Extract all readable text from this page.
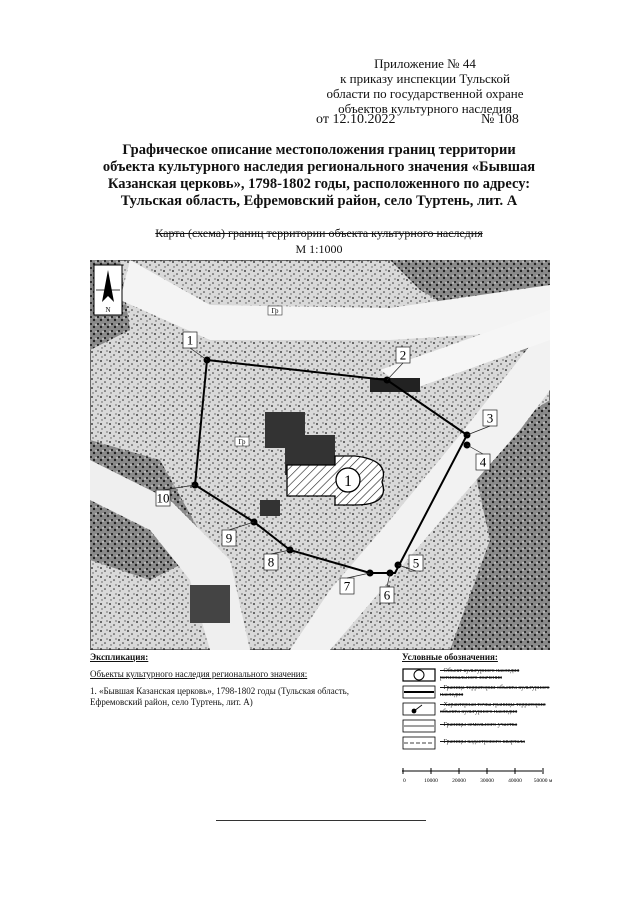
Приложение № 44
к приказу инспекции Тульской
области по государственной охране
объектов культурного наследия
от 12.10.2022	№ 108
Графическое описание местоположения границ территории
объекта культурного наследия регионального значения «Бывшая
Казанская церковь», 1798-1802 годы, расположенного по адресу:
Тульская область, Ефремовский район, село Туртень, лит. А
Карта (схема) границ территории объекта культурного наследия
М 1:1000
1
1
2
3
4
5
6
7
8
9
10
Гр
Гр
N
Экспликация:
Объекты культурного наследия регионального значения:
1. «Бывшая Казанская церковь», 1798-1802 годы (Тульская область,
Ефремовский район, село Туртень, лит. А)
Условные обозначения:
- Объект культурного наследия регионального значения
- Граница территории объекта культурного наследия
- Характерная точка границы территории объекта культурного наследия
- Границы земельного участка
- Границы кадастрового квартала
0	10000	20000	30000	40000 50000 м
